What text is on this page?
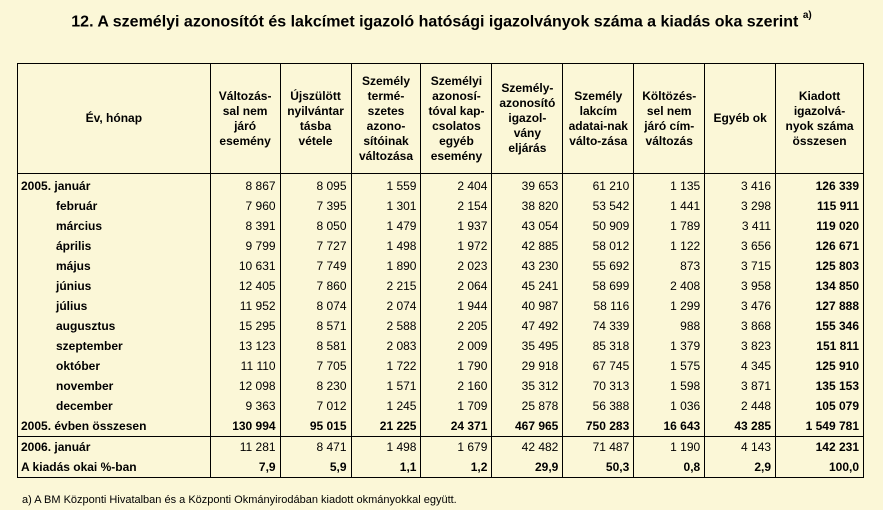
12. A személyi azonosítót és lakcímet igazoló hatósági igazolványok száma a kiadás oka szerint $^{a)}$
Év, hónap	Változás-sal nem járó esemény	Újszülött nyilvántar tásba vétele	Személy termé-szetes azono-sítóinak változása	Személyi azonosí-tóval kap-csolatos egyéb esemény	Személy-azonosító igazol-vány eljárás	Személy lakcím adatai-nak válto-zása	Költözés-sel nem járó cím-változás	Egyéb ok	Kiadott igazolvá-nyok száma összesen
2005. január	8 867	8 095	1 559	2 404	39 653	61 210	1 135	3 416	126 339
február	7 960	7 395	1 301	2 154	38 820	53 542	1 441	3 298	115 911
március	8 391	8 050	1 479	1 937	43 054	50 909	1 789	3 411	119 020
április	9 799	7 727	1 498	1 972	42 885	58 012	1 122	3 656	126 671
május	10 631	7 749	1 890	2 023	43 230	55 692	873	3 715	125 803
június	12 405	7 860	2 215	2 064	45 241	58 699	2 408	3 958	134 850
július	11 952	8 074	2 074	1 944	40 987	58 116	1 299	3 476	127 888
augusztus	15 295	8 571	2 588	2 205	47 492	74 339	988	3 868	155 346
szeptember	13 123	8 581	2 083	2 009	35 495	85 318	1 379	3 823	151 811
október	11 110	7 705	1 722	1 790	29 918	67 745	1 575	4 345	125 910
november	12 098	8 230	1 571	2 160	35 312	70 313	1 598	3 871	135 153
december	9 363	7 012	1 245	1 709	25 878	56 388	1 036	2 448	105 079
2005. évben összesen	130 994	95 015	21 225	24 371	467 965	750 283	16 643	43 285	1 549 781
2006. január	11 281	8 471	1 498	1 679	42 482	71 487	1 190	4 143	142 231
A kiadás okai %-ban	7,9	5,9	1,1	1,2	29,9	50,3	0,8	2,9	100,0
a) A BM Központi Hivatalban és a Központi Okmányirodában kiadott okmányokkal együtt.
